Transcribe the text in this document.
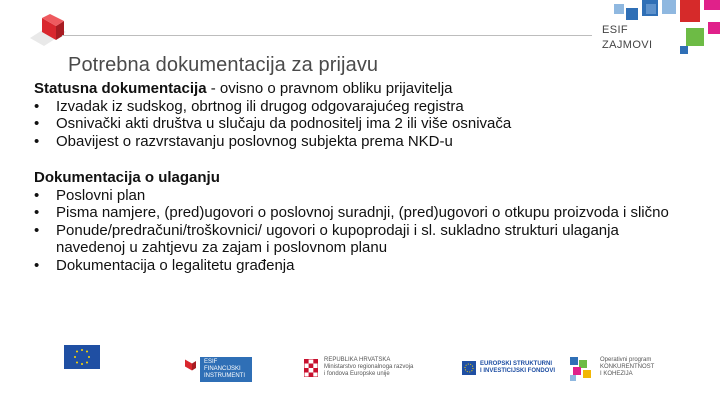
Potrebna dokumentacija za prijavu
ESIF
ZAJMOVI

Statusna dokumentacija - ovisno o pravnom obliku prijavitelja

• Izvadak iz sudskog, obrtnog ili drugog odgovarajućeg registra
• Osnivački akti društva u slučaju da podnositelj ima 2 ili više osnivača
• Obavijest o razvrstavanju poslovnog subjekta prema NKD-u

Dokumentacija o ulaganju

• Poslovni plan
• Pisma namjere, (pred)ugovori o poslovnoj suradnji, (pred)ugovori o otkupu proizvoda i slično
• Ponude/predračuni/troškovnici/ ugovori o kupoprodaji i sl. sukladno strukturi ulaganja navedenoj u zahtjevu za zajam i poslovnom planu
• Dokumentacija o legalitetu građenja
ESIF
FINANCIJSKI
INSTRUMENTI
REPUBLIKA HRVATSKA
Ministarstvo regionalnoga razvoja
i fondova Europske unije
EUROPSKI STRUKTURNI
I INVESTICIJSKI FONDOVI
Operativni program
KONKURENTNOST
I KOHEZIJA
